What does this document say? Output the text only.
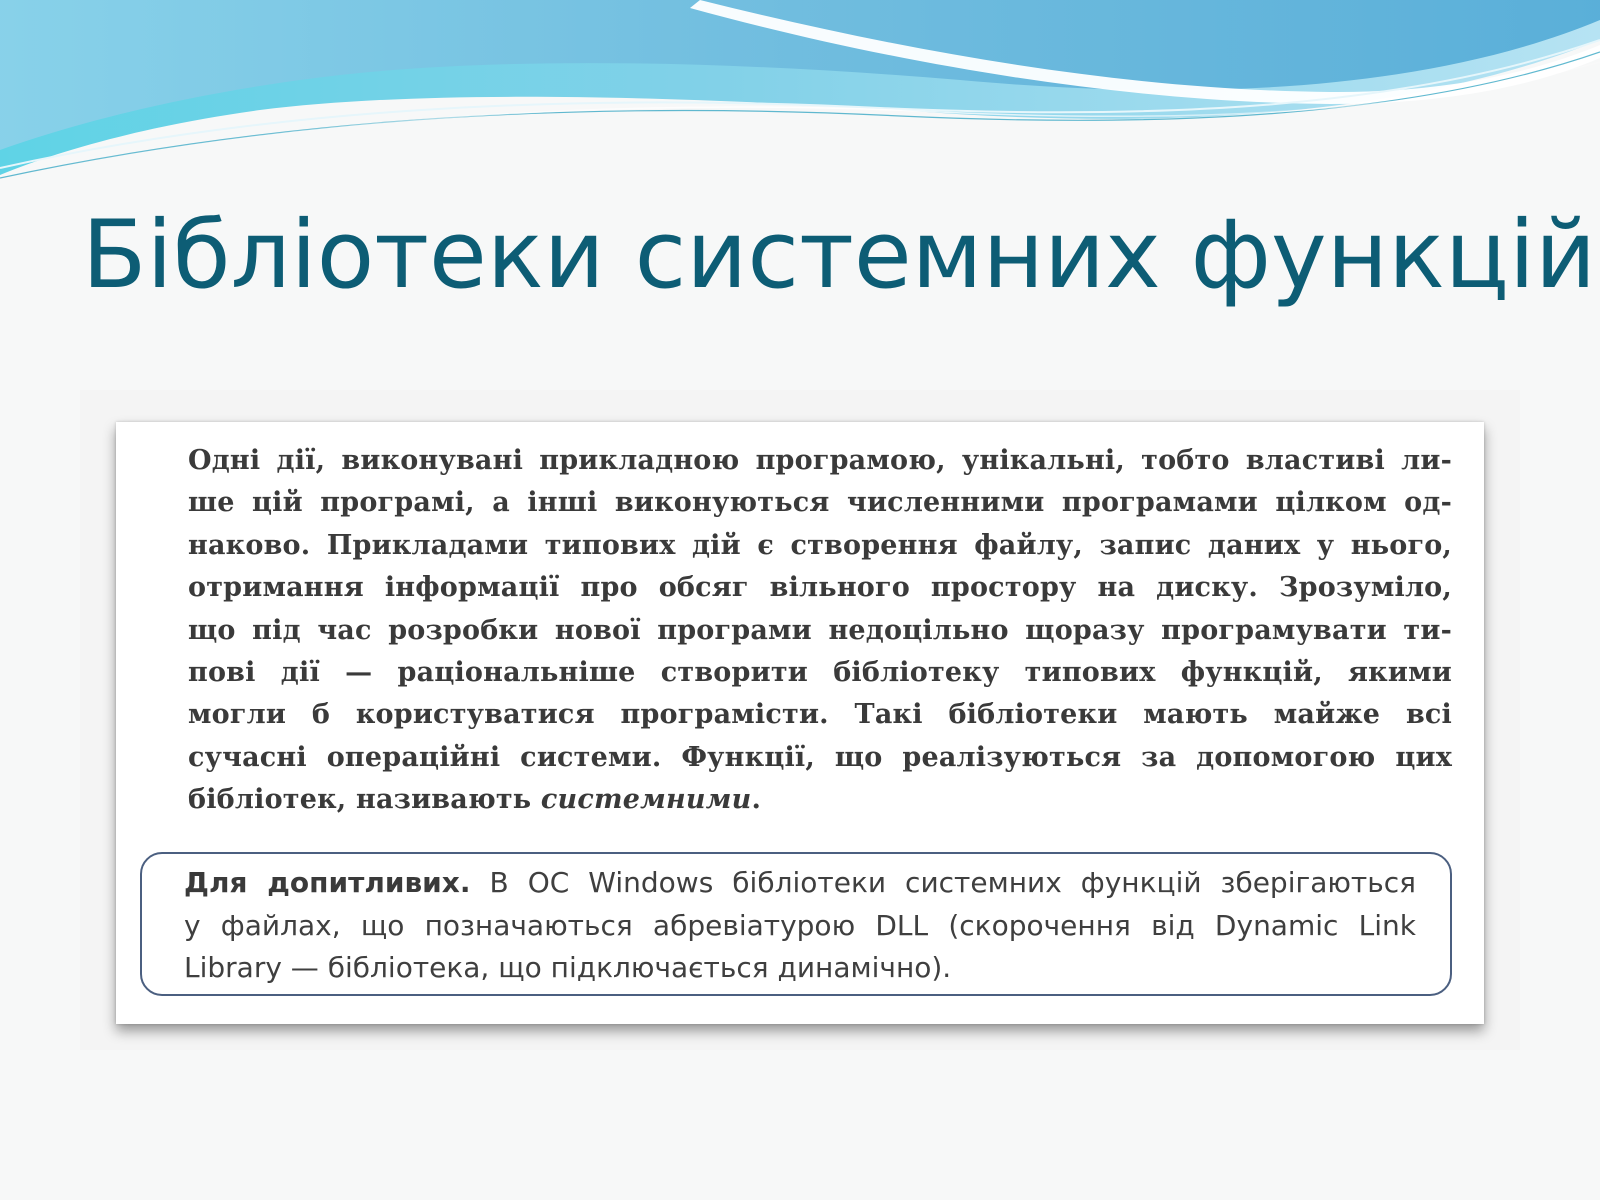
Бібліотеки системних функцій

Одні дії, виконувані прикладною програмою, унікальні, тобто властиві ли-
ше цій програмі, а інші виконуються численними програмами цілком од-
наково. Прикладами типових дій є створення файлу, запис даних у нього,
отримання інформації про обсяг вільного простору на диску. Зрозуміло,
що під час розробки нової програми недоцільно щоразу програмувати ти-
пові дії — раціональніше створити бібліотеку типових функцій, якими
могли б користуватися програмісти. Такі бібліотеки мають майже всі
сучасні операційні системи. Функції, що реалізуються за допомогою цих
бібліотек, називають системними.

Для допитливих. В ОС Windows бібліотеки системних функцій зберігаються
у файлах, що позначаються абревіатурою DLL (скорочення від Dynamic Link
Library — бібліотека, що підключається динамічно).
